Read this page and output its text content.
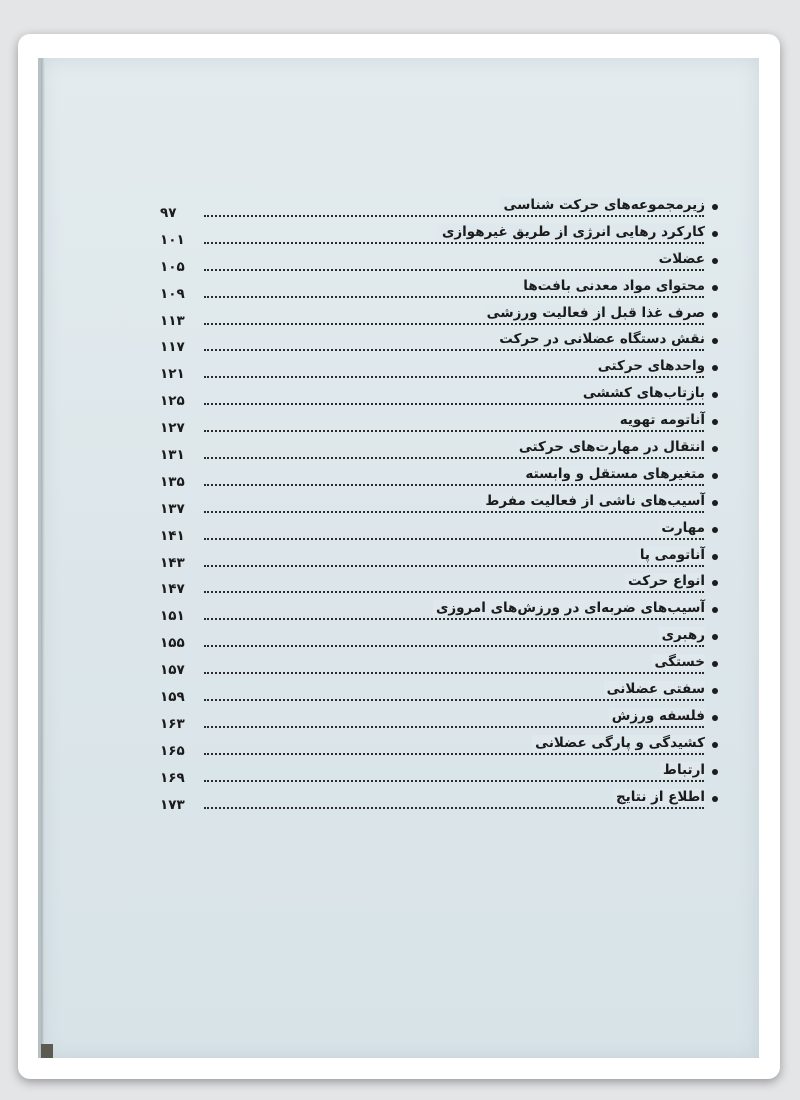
زیرمجموعه‌های حرکت شناسی
۹۷
کارکرد رهایی انرژی از طریق غیرهوازی
۱۰۱
عضلات
۱۰۵
محتوای مواد معدنی بافت‌ها
۱۰۹
صرف غذا قبل از فعالیت ورزشی
۱۱۳
نقش دستگاه عضلانی در حرکت
۱۱۷
واحدهای حرکتی
۱۲۱
بازتاب‌های کششی
۱۲۵
آناتومه تهویه
۱۲۷
انتقال در مهارت‌های حرکتی
۱۳۱
متغیرهای مستقل و وابسته
۱۳۵
آسیب‌های ناشی از فعالیت مفرط
۱۳۷
مهارت
۱۴۱
آناتومی پا
۱۴۳
انواع حرکت
۱۴۷
آسیب‌های ضربه‌ای در ورزش‌های امروزی
۱۵۱
رهبری
۱۵۵
خستگی
۱۵۷
سفتی عضلانی
۱۵۹
فلسفه ورزش
۱۶۳
کشیدگی و پارگی عضلانی
۱۶۵
ارتباط
۱۶۹
اطلاع از نتایج
۱۷۳
